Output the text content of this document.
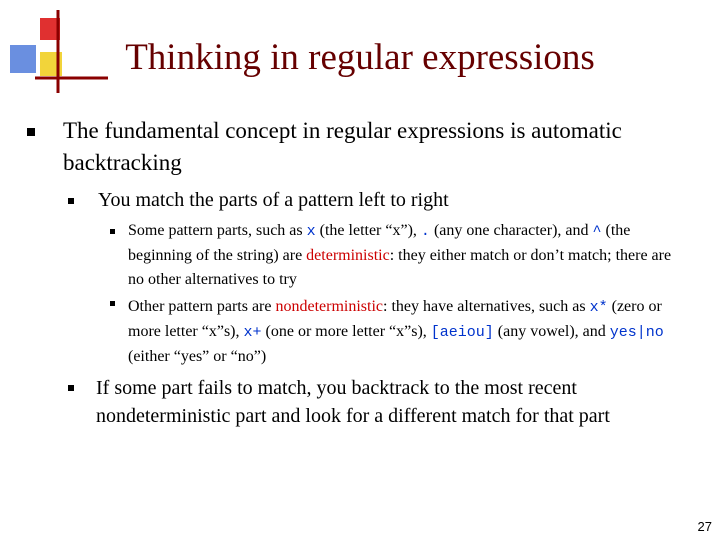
Thinking in regular expressions
The fundamental concept in regular expressions is automatic backtracking
You match the parts of a pattern left to right
Some pattern parts, such as x (the letter “x”), . (any one character), and ^ (the beginning of the string) are deterministic: they either match or don’t match; there are no other alternatives to try
Other pattern parts are nondeterministic: they have alternatives, such as x* (zero or more letter “x”s), x+ (one or more letter “x”s), [aeiou] (any vowel), and yes|no (either “yes” or “no”)
If some part fails to match, you backtrack to the most recent nondeterministic part and look for a different match for that part
27
